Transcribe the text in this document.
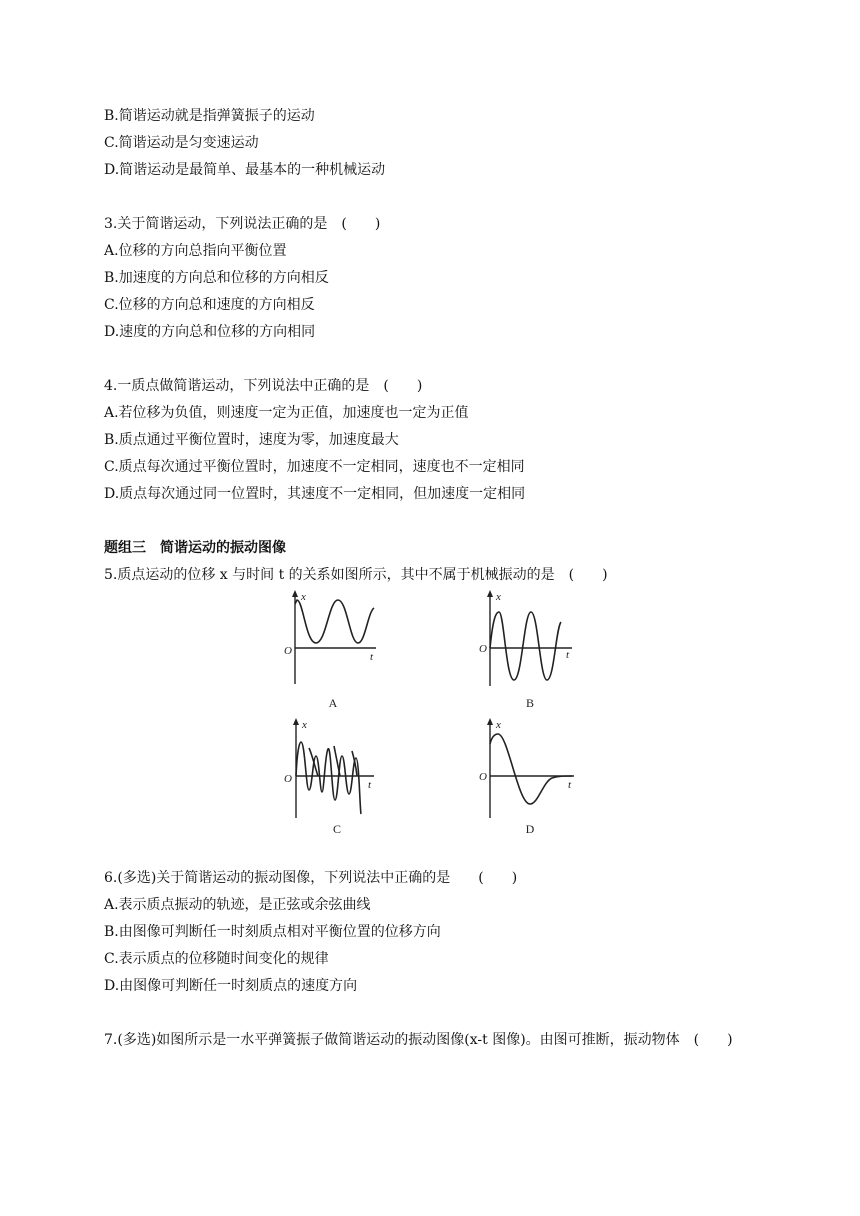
B.简谐运动就是指弹簧振子的运动
C.简谐运动是匀变速运动
D.简谐运动是最简单、最基本的一种机械运动
3.关于简谐运动，下列说法正确的是　(　　)
A.位移的方向总指向平衡位置
B.加速度的方向总和位移的方向相反
C.位移的方向总和速度的方向相反
D.速度的方向总和位移的方向相同
4.一质点做简谐运动，下列说法中正确的是　(　　)
A.若位移为负值，则速度一定为正值，加速度也一定为正值
B.质点通过平衡位置时，速度为零，加速度最大
C.质点每次通过平衡位置时，加速度不一定相同，速度也不一定相同
D.质点每次通过同一位置时，其速度不一定相同，但加速度一定相同
题组三　简谐运动的振动图像
5.质点运动的位移 x 与时间 t 的关系如图所示，其中不属于机械振动的是　(　　)
x
O	t
A
x
O	t
B
x
O	t
C
x
O
t
D
6.(多选)关于简谐运动的振动图像，下列说法中正确的是　　(　　)
A.表示质点振动的轨迹，是正弦或余弦曲线
B.由图像可判断任一时刻质点相对平衡位置的位移方向
C.表示质点的位移随时间变化的规律
D.由图像可判断任一时刻质点的速度方向
7.(多选)如图所示是一水平弹簧振子做简谐运动的振动图像(x-t 图像)。由图可推断，振动物体　(　　)
